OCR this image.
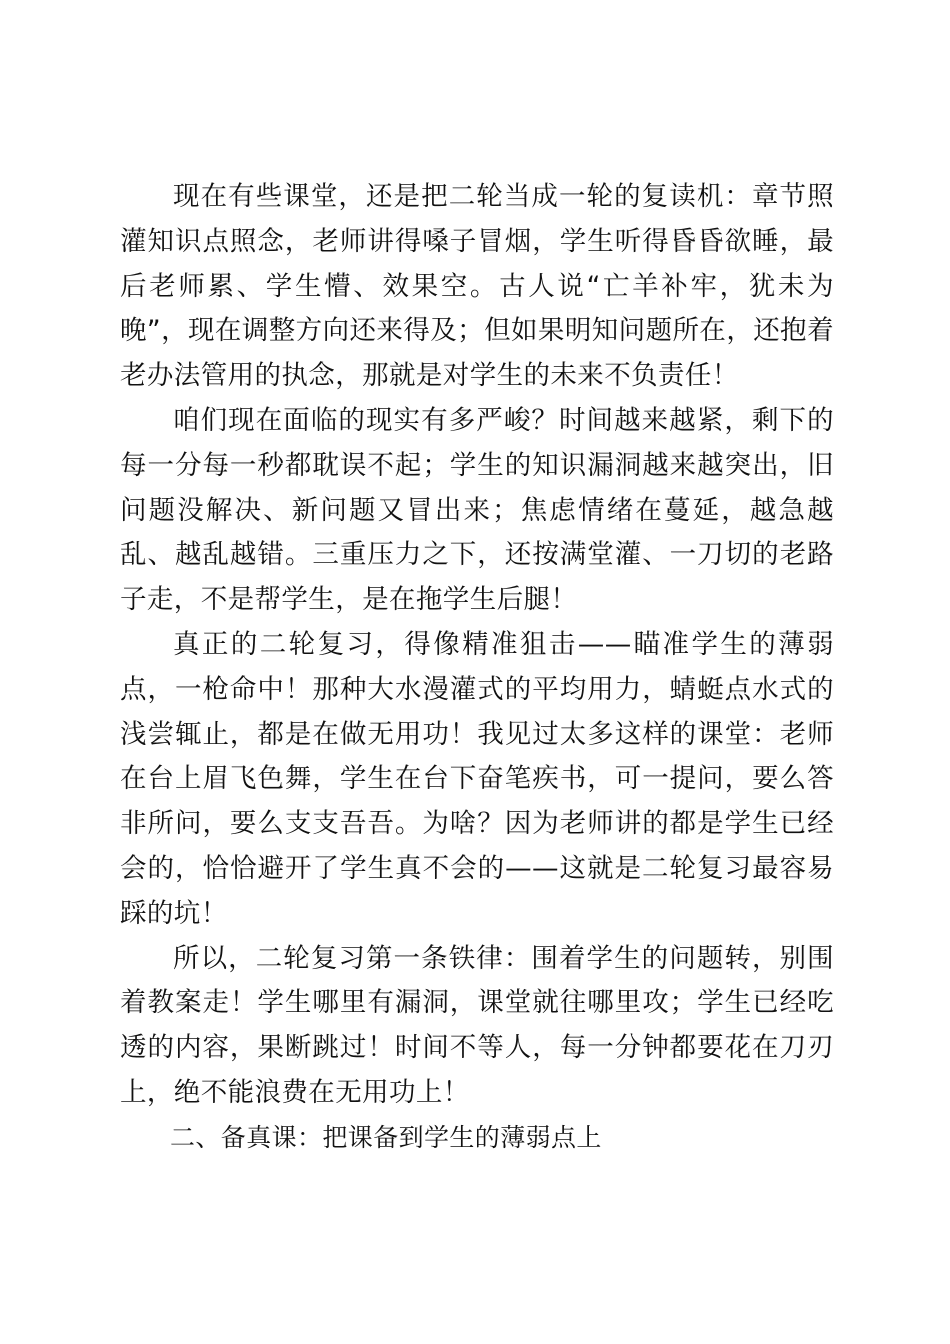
现在有些课堂，还是把二轮当成一轮的复读机：章节照灌知识点照念，老师讲得嗓子冒烟，学生听得昏昏欲睡，最后老师累、学生懵、效果空。古人说“亡羊补牢，犹未为晚”，现在调整方向还来得及；但如果明知问题所在，还抱着老办法管用的执念，那就是对学生的未来不负责任！

咱们现在面临的现实有多严峻？时间越来越紧，剩下的每一分每一秒都耽误不起；学生的知识漏洞越来越突出，旧问题没解决、新问题又冒出来；焦虑情绪在蔓延，越急越乱、越乱越错。三重压力之下，还按满堂灌、一刀切的老路子走，不是帮学生，是在拖学生后腿！

真正的二轮复习，得像精准狙击——瞄准学生的薄弱点，一枪命中！那种大水漫灌式的平均用力，蜻蜓点水式的浅尝辄止，都是在做无用功！我见过太多这样的课堂：老师在台上眉飞色舞，学生在台下奋笔疾书，可一提问，要么答非所问，要么支支吾吾。为啥？因为老师讲的都是学生已经会的，恰恰避开了学生真不会的——这就是二轮复习最容易踩的坑！

所以，二轮复习第一条铁律：围着学生的问题转，别围着教案走！学生哪里有漏洞，课堂就往哪里攻；学生已经吃透的内容，果断跳过！时间不等人，每一分钟都要花在刀刃上，绝不能浪费在无用功上！

二、备真课：把课备到学生的薄弱点上
